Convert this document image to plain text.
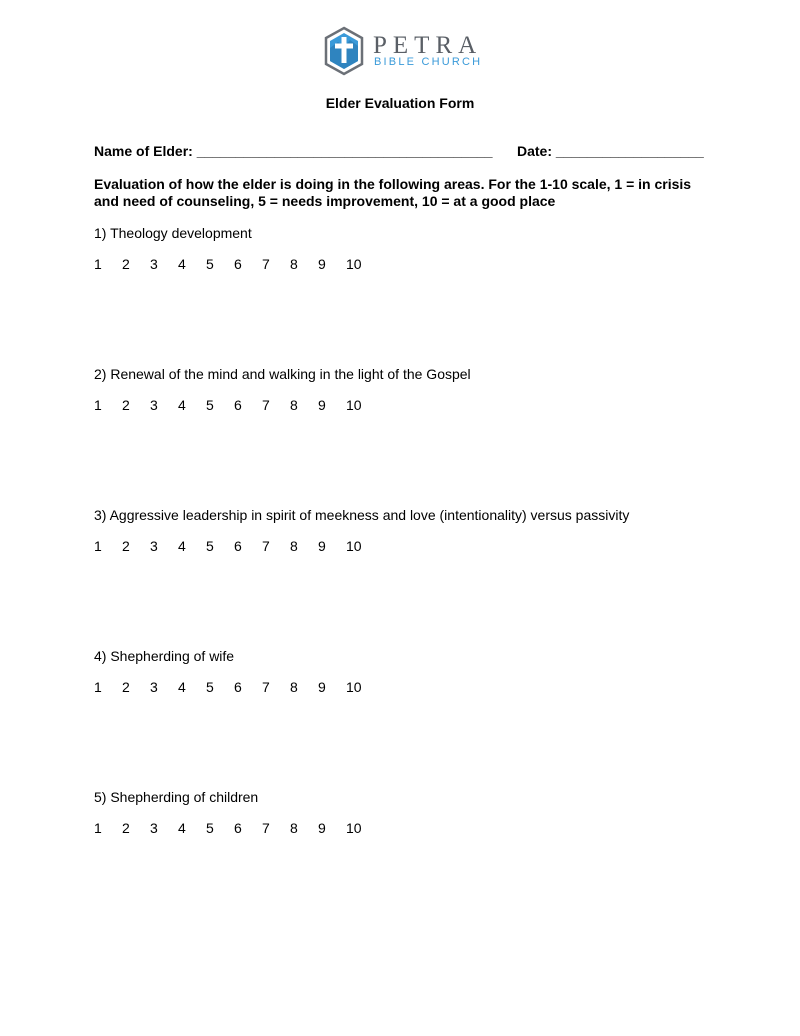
PETRA
BIBLE CHURCH
Elder Evaluation Form
Name of Elder: ______________________________________ Date: ___________________
Evaluation of how the elder is doing in the following areas. For the 1-10 scale, 1 = in crisis and need of counseling, 5 = needs improvement, 10 = at a good place
1) Theology development
1 2 3 4 5 6 7 8 9 10
2) Renewal of the mind and walking in the light of the Gospel
1 2 3 4 5 6 7 8 9 10
3) Aggressive leadership in spirit of meekness and love (intentionality) versus passivity
1 2 3 4 5 6 7 8 9 10
4) Shepherding of wife
1 2 3 4 5 6 7 8 9 10
5) Shepherding of children
1 2 3 4 5 6 7 8 9 10
